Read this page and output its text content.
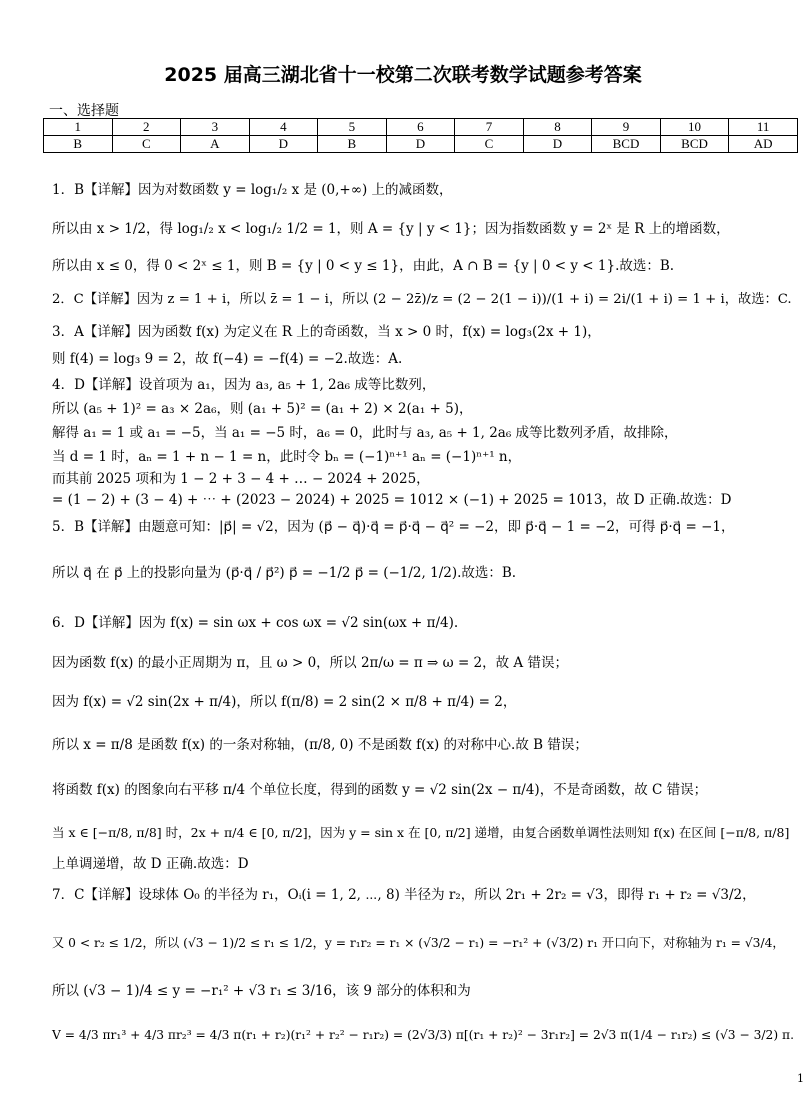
2025 届高三湖北省十一校第二次联考数学试题参考答案
一、选择题
1	2	3	4	5	6	7	8	9	10	11
B	C	A	D	B	D	C	D	BCD	BCD	AD
1．B【详解】因为对数函数 y = log₁/₂ x 是 (0,+∞) 上的减函数，
所以由 x > 1/2，得 log₁/₂ x < log₁/₂ 1/2 = 1，则 A = {y | y < 1}；因为指数函数 y = 2ˣ 是 R 上的增函数，
所以由 x ≤ 0，得 0 < 2ˣ ≤ 1，则 B = {y | 0 < y ≤ 1}，由此，A ∩ B = {y | 0 < y < 1}.故选：B.
2．C【详解】因为 z = 1 + i，所以 z̄ = 1 − i，所以 (2 − 2z̄)/z = (2 − 2(1 − i))/(1 + i) = 2i/(1 + i) = 1 + i，故选：C.
3．A【详解】因为函数 f(x) 为定义在 R 上的奇函数，当 x > 0 时，f(x) = log₃(2x + 1)，
则 f(4) = log₃ 9 = 2，故 f(−4) = −f(4) = −2.故选：A.
4．D【详解】设首项为 a₁，因为 a₃, a₅ + 1, 2a₆ 成等比数列，
所以 (a₅ + 1)² = a₃ × 2a₆，则 (a₁ + 5)² = (a₁ + 2) × 2(a₁ + 5)，
解得 a₁ = 1 或 a₁ = −5，当 a₁ = −5 时，a₆ = 0，此时与 a₃, a₅ + 1, 2a₆ 成等比数列矛盾，故排除，
当 d = 1 时，aₙ = 1 + n − 1 = n，此时令 bₙ = (−1)ⁿ⁺¹ aₙ = (−1)ⁿ⁺¹ n，
而其前 2025 项和为 1 − 2 + 3 − 4 + … − 2024 + 2025，
= (1 − 2) + (3 − 4) + ⋯ + (2023 − 2024) + 2025 = 1012 × (−1) + 2025 = 1013，故 D 正确.故选：D
5．B【详解】由题意可知：|p⃗| = √2，因为 (p⃗ − q⃗)·q⃗ = p⃗·q⃗ − q⃗² = −2，即 p⃗·q⃗ − 1 = −2，可得 p⃗·q⃗ = −1，
所以 q⃗ 在 p⃗ 上的投影向量为 (p⃗·q⃗ / p⃗²) p⃗ = −1/2 p⃗ = (−1/2, 1/2).故选：B.
6．D【详解】因为 f(x) = sin ωx + cos ωx = √2 sin(ωx + π/4).
因为函数 f(x) 的最小正周期为 π，且 ω > 0，所以 2π/ω = π ⇒ ω = 2，故 A 错误；
因为 f(x) = √2 sin(2x + π/4)，所以 f(π/8) = 2 sin(2 × π/8 + π/4) = 2，
所以 x = π/8 是函数 f(x) 的一条对称轴，(π/8, 0) 不是函数 f(x) 的对称中心.故 B 错误；
将函数 f(x) 的图象向右平移 π/4 个单位长度，得到的函数 y = √2 sin(2x − π/4)，不是奇函数，故 C 错误；
当 x ∈ [−π/8, π/8] 时，2x + π/4 ∈ [0, π/2]，因为 y = sin x 在 [0, π/2] 递增，由复合函数单调性法则知 f(x) 在区间 [−π/8, π/8]
上单调递增，故 D 正确.故选：D
7．C【详解】设球体 O₀ 的半径为 r₁，Oᵢ(i = 1, 2, ⋯, 8) 半径为 r₂，所以 2r₁ + 2r₂ = √3，即得 r₁ + r₂ = √3/2，
又 0 < r₂ ≤ 1/2，所以 (√3 − 1)/2 ≤ r₁ ≤ 1/2，y = r₁r₂ = r₁ × (√3/2 − r₁) = −r₁² + (√3/2) r₁ 开口向下，对称轴为 r₁ = √3/4，
所以 (√3 − 1)/4 ≤ y = −r₁² + √3 r₁ ≤ 3/16，该 9 部分的体积和为
V = 4/3 πr₁³ + 4/3 πr₂³ = 4/3 π(r₁ + r₂)(r₁² + r₂² − r₁r₂) = (2√3/3) π[(r₁ + r₂)² − 3r₁r₂] = 2√3 π(1/4 − r₁r₂) ≤ (√3 − 3/2) π.
1
